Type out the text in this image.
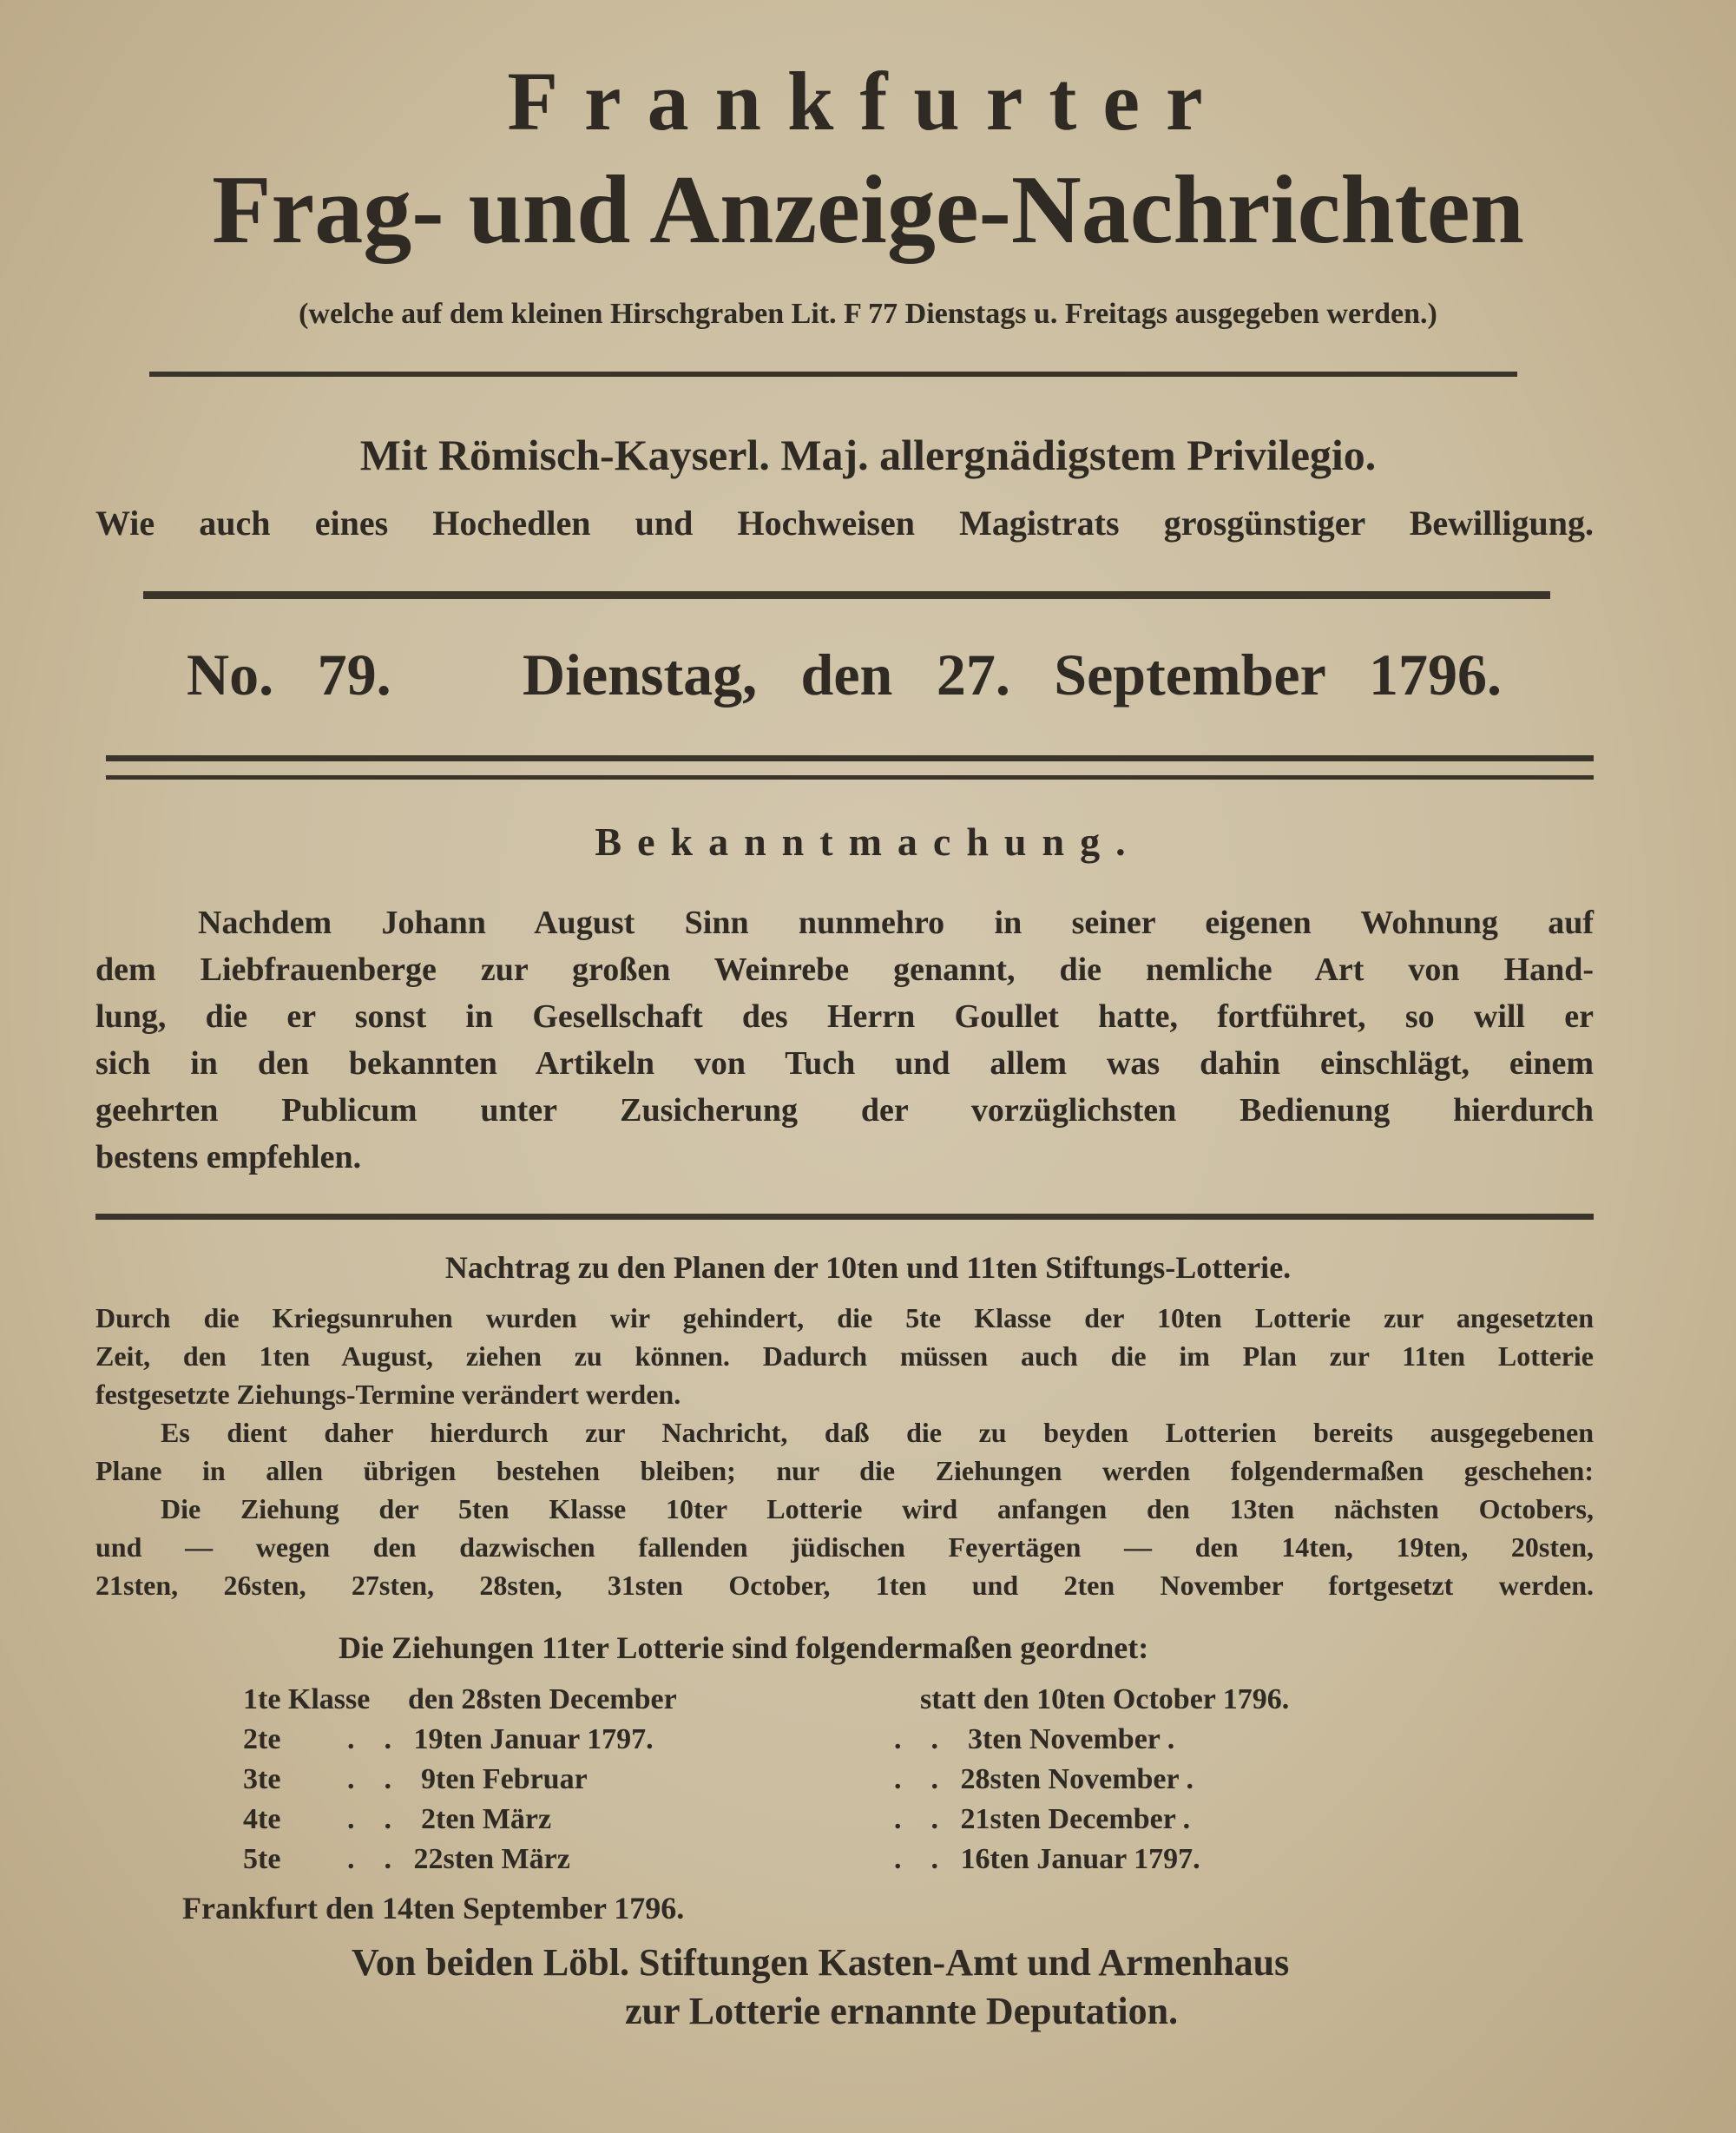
Frankfurter
Frag- und Anzeige-Nachrichten
(welche auf dem kleinen Hirschgraben Lit. F 77 Dienstags u. Freitags ausgegeben werden.)
Mit Römisch-Kayserl. Maj. allergnädigstem Privilegio.
Wie auch eines Hochedlen und Hochweisen Magistrats grosgünstiger Bewilligung.
No. 79. Dienstag, den 27. September 1796.
Bekanntmachung.
Nachdem Johann August Sinn nunmehro in seiner eigenen Wohnung auf
dem Liebfrauenberge zur großen Weinrebe genannt, die nemliche Art von Hand-
lung, die er sonst in Gesellschaft des Herrn Goullet hatte, fortführet, so will er
sich in den bekannten Artikeln von Tuch und allem was dahin einschlägt, einem
geehrten Publicum unter Zusicherung der vorzüglichsten Bedienung hierdurch
bestens empfehlen.
Nachtrag zu den Planen der 10ten und 11ten Stiftungs-Lotterie.
Durch die Kriegsunruhen wurden wir gehindert, die 5te Klasse der 10ten Lotterie zur angesetzten
Zeit, den 1ten August, ziehen zu können. Dadurch müssen auch die im Plan zur 11ten Lotterie
festgesetzte Ziehungs-Termine verändert werden.
Es dient daher hierdurch zur Nachricht, daß die zu beyden Lotterien bereits ausgegebenen
Plane in allen übrigen bestehen bleiben; nur die Ziehungen werden folgendermaßen geschehen:
Die Ziehung der 5ten Klasse 10ter Lotterie wird anfangen den 13ten nächsten Octobers,
und — wegen den dazwischen fallenden jüdischen Feyertägen — den 14ten, 19ten, 20sten,
21sten, 26sten, 27sten, 28sten, 31sten October, 1ten und 2ten November fortgesetzt werden.
Die Ziehungen 11ter Lotterie sind folgendermaßen geordnet:
1te Klasse den 28sten December	statt den 10ten October 1796.
2te .    .   19ten Januar 1797.	.    .    3ten November .
3te .    .    9ten Februar	.    .   28sten November .
4te .    .    2ten März	.    .   21sten December .
5te .    .   22sten März	.    .   16ten Januar 1797.
Frankfurt den 14ten September 1796.
Von beiden Löbl. Stiftungen Kasten-Amt und Armenhaus
zur Lotterie ernannte Deputation.
